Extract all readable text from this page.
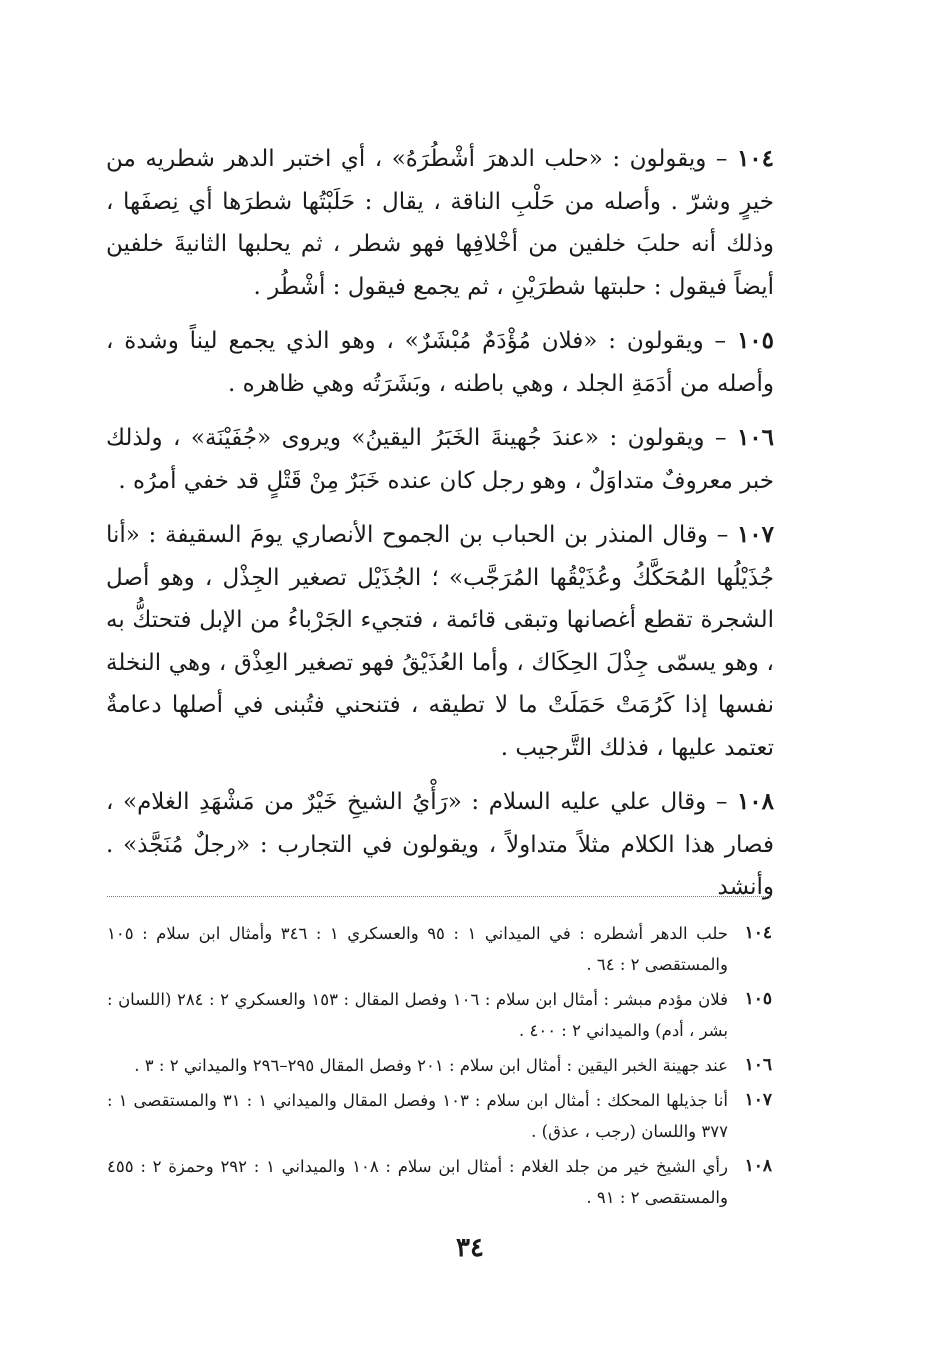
١٠٤ – ويقولون : «حلب الدهرَ أشْطُرَهُ» ، أي اختبر الدهر شطريه من خيرٍ وشرّ . وأصله من حَلْبِ الناقة ، يقال : حَلَبْتُها شطرَها أي نِصفَها ، وذلك أنه حلبَ خلفين من أخْلافِها فهو شطر ، ثم يحلبها الثانيةَ خلفين أيضاً فيقول : حلبتها شطرَيْنِ ، ثم يجمع فيقول : أشْطُر .

١٠٥ – ويقولون : «فلان مُؤْدَمٌ مُبْشَرٌ» ، وهو الذي يجمع ليناً وشدة ، وأصله من أدَمَةِ الجلد ، وهي باطنه ، وبَشَرَتُه وهي ظاهره .

١٠٦ – ويقولون : «عندَ جُهينةَ الخَبَرُ اليقينُ» ويروى «جُفَيْنَة» ، ولذلك خبر معروفٌ متداوَلٌ ، وهو رجل كان عنده خَبَرٌ مِنْ قَتْلٍ قد خفي أمرُه .

١٠٧ – وقال المنذر بن الحباب بن الجموح الأنصاري يومَ السقيفة : «أنا جُذَيْلُها المُحَكَّكُ وعُذَيْقُها المُرَجَّب» ؛ الجُذَيْل تصغير الجِذْل ، وهو أصل الشجرة تقطع أغصانها وتبقى قائمة ، فتجيء الجَرْباءُ من الإبل فتحتكُّ به ، وهو يسمّى جِذْلَ الحِكَاك ، وأما العُذَيْقُ فهو تصغير العِذْق ، وهي النخلة نفسها إذا كَرُمَتْ حَمَلَتْ ما لا تطيقه ، فتنحني فتُبنى في أصلها دعامةٌ تعتمد عليها ، فذلك التَّرجيب .

١٠٨ – وقال علي عليه السلام : «رَأْيُ الشيخِ خَيْرٌ من مَشْهَدِ الغلام» ، فصار هذا الكلام مثلاً متداولاً ، ويقولون في التجارب : «رجلٌ مُنَجَّذ» . وأنشد

١٠٤
حلب الدهر أشطره : في الميداني ١ : ٩٥ والعسكري ١ : ٣٤٦ وأمثال ابن سلام : ١٠٥ والمستقصى ٢ : ٦٤ .
١٠٥
فلان مؤدم مبشر : أمثال ابن سلام : ١٠٦ وفصل المقال : ١٥٣ والعسكري ٢ : ٢٨٤ (اللسان : بشر ، أدم) والميداني ٢ : ٤٠٠ .
١٠٦
عند جهينة الخبر اليقين : أمثال ابن سلام : ٢٠١ وفصل المقال ٢٩٥–٢٩٦ والميداني ٢ : ٣ .
١٠٧
أنا جذيلها المحكك : أمثال ابن سلام : ١٠٣ وفصل المقال والميداني ١ : ٣١ والمستقصى ١ : ٣٧٧ واللسان (رجب ، عذق) .
١٠٨
رأي الشيخ خير من جلد الغلام : أمثال ابن سلام : ١٠٨ والميداني ١ : ٢٩٢ وحمزة ٢ : ٤٥٥ والمستقصى ٢ : ٩١ .
٣٤
